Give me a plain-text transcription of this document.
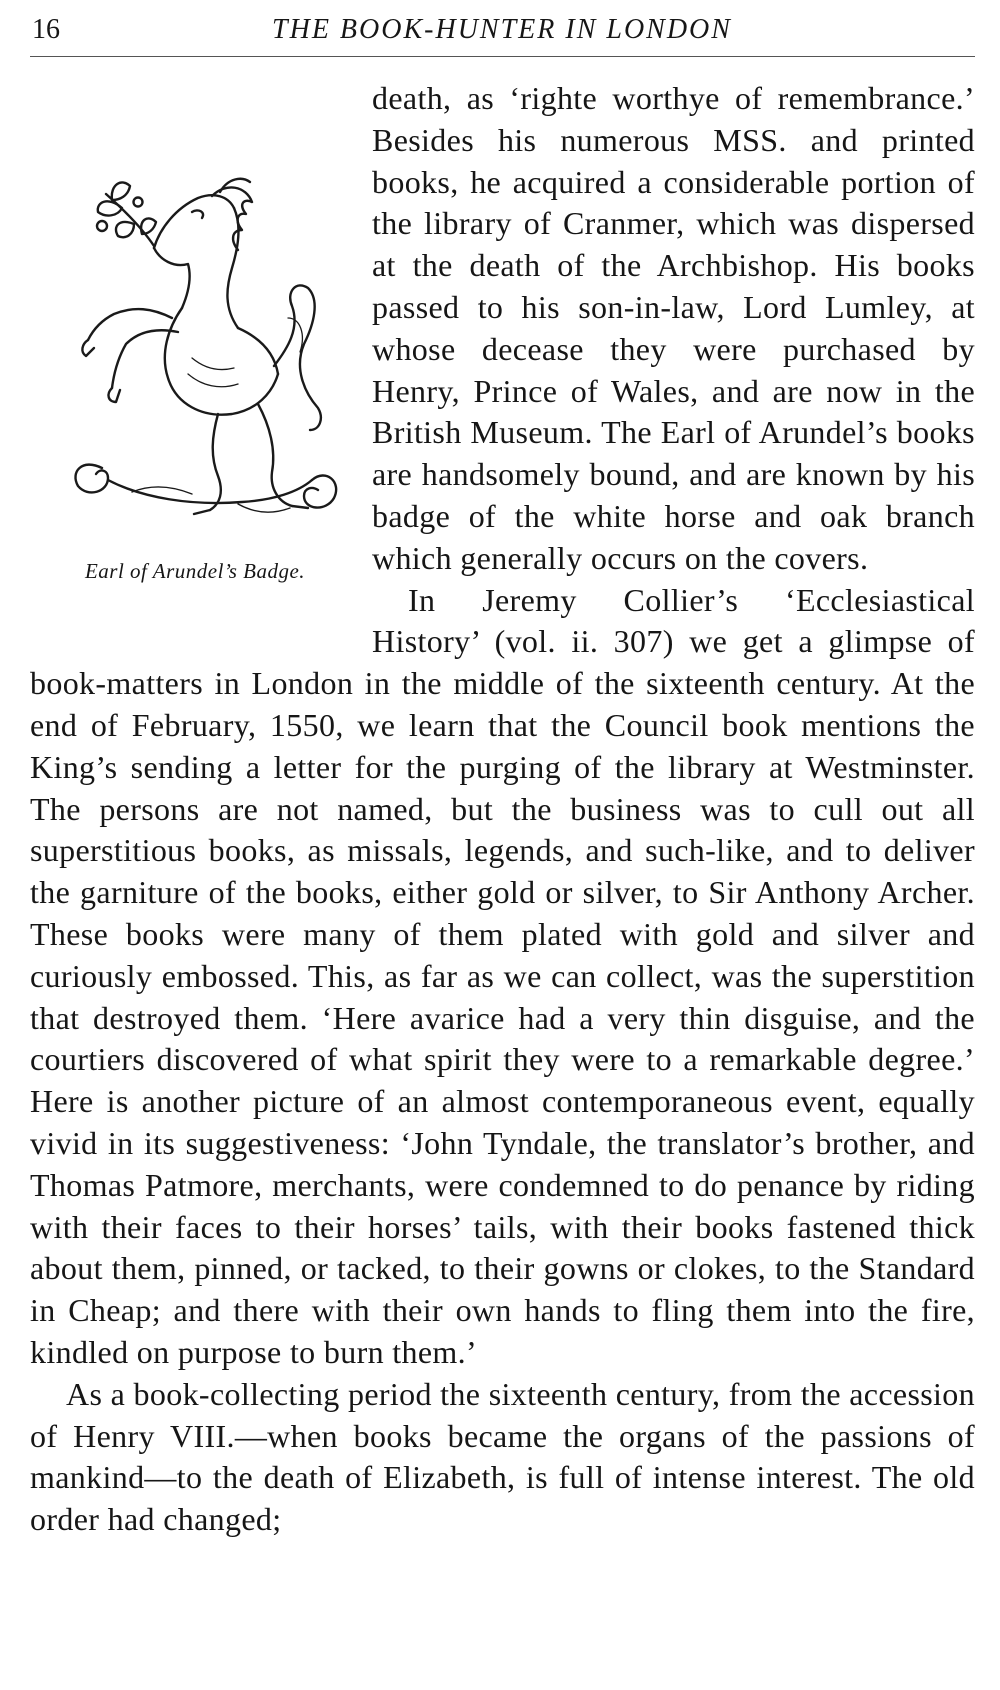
16	THE BOOK-HUNTER IN LONDON

Earl of Arundel’s Badge.
death, as ‘righte worthye of remembrance.’ Besides his numerous MSS. and printed books, he acquired a considerable portion of the library of Cranmer, which was dispersed at the death of the Archbishop. His books passed to his son-in-law, Lord Lumley, at whose decease they were purchased by Henry, Prince of Wales, and are now in the British Museum. The Earl of Arundel’s books are handsomely bound, and are known by his badge of the white horse and oak branch which generally occurs on the covers.

In Jeremy Collier’s ‘Ecclesiastical History’ (vol. ii. 307) we get a glimpse of book-matters in London in the middle of the sixteenth century. At the end of February, 1550, we learn that the Council book mentions the King’s sending a letter for the purging of the library at Westminster. The persons are not named, but the business was to cull out all superstitious books, as missals, legends, and such-like, and to deliver the garniture of the books, either gold or silver, to Sir Anthony Archer. These books were many of them plated with gold and silver and curiously embossed. This, as far as we can collect, was the superstition that destroyed them. ‘Here avarice had a very thin disguise, and the courtiers discovered of what spirit they were to a remarkable degree.’ Here is another picture of an almost contemporaneous event, equally vivid in its suggestiveness: ‘John Tyndale, the translator’s brother, and Thomas Patmore, merchants, were condemned to do penance by riding with their faces to their horses’ tails, with their books fastened thick about them, pinned, or tacked, to their gowns or clokes, to the Standard in Cheap; and there with their own hands to fling them into the fire, kindled on purpose to burn them.’

As a book-collecting period the sixteenth century, from the accession of Henry VIII.—when books became the organs of the passions of mankind—to the death of Elizabeth, is full of intense interest. The old order had changed;
